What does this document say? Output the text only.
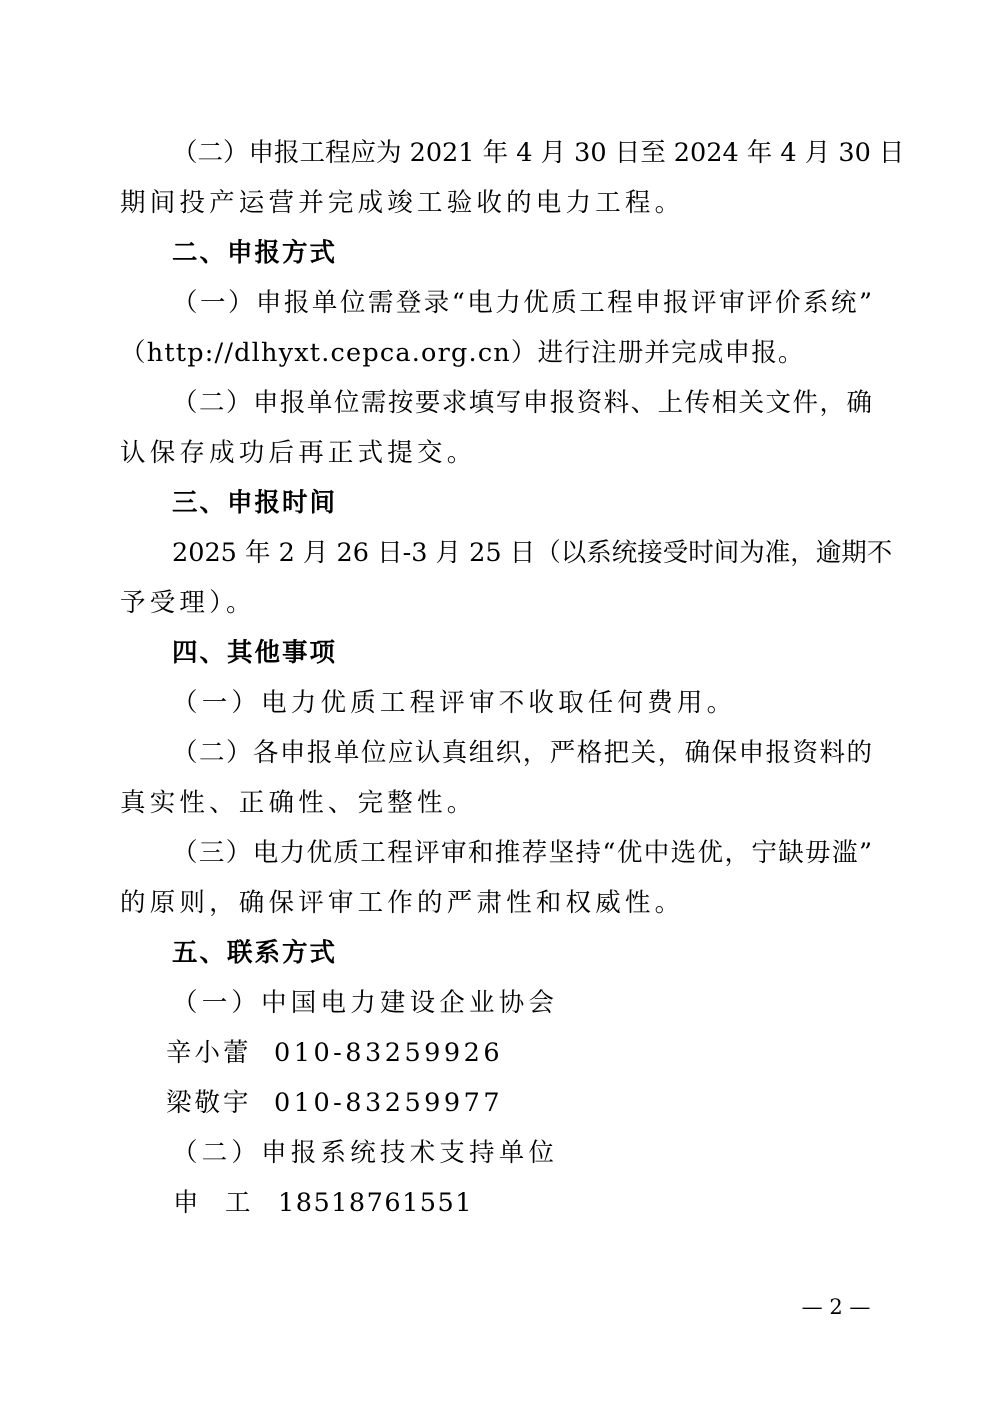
（二）申报工程应为 2021 年 4 月 30 日至 2024 年 4 月 30 日
期间投产运营并完成竣工验收的电力工程。
二、申报方式
（一）申报单位需登录“电力优质工程申报评审评价系统”
（http://dlhyxt.cepca.org.cn）进行注册并完成申报。
（二）申报单位需按要求填写申报资料、上传相关文件，确
认保存成功后再正式提交。
三、申报时间
2025 年 2 月 26 日-3 月 25 日（以系统接受时间为准，逾期不
予受理）。
四、其他事项
（一）电力优质工程评审不收取任何费用。
（二）各申报单位应认真组织，严格把关，确保申报资料的
真实性、正确性、完整性。
（三）电力优质工程评审和推荐坚持“优中选优，宁缺毋滥”
的原则，确保评审工作的严肃性和权威性。
五、联系方式
（一）中国电力建设企业协会
辛小蕾 010-83259926
梁敬宇 010-83259977
（二）申报系统技术支持单位
申 工 18518761551
— 2 —
